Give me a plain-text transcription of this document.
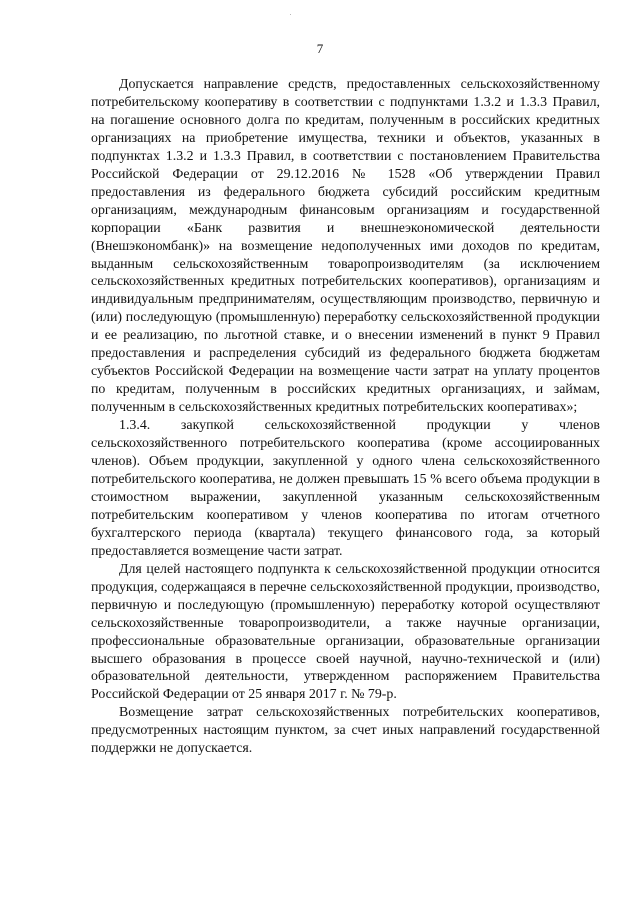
7

Допускается направление средств, предоставленных сельскохозяйственному потребительскому кооперативу в соответствии с подпунктами 1.3.2 и 1.3.3 Правил, на погашение основного долга по кредитам, полученным в российских кредитных организациях на приобретение имущества, техники и объектов, указанных в подпунктах 1.3.2 и 1.3.3 Правил, в соответствии с постановлением Правительства Российской Федерации от 29.12.2016 № 1528 «Об утверждении Правил предоставления из федерального бюджета субсидий российским кредитным организациям, международным финансовым организациям и государственной корпорации «Банк развития и внешнеэкономической деятельности (Внешэкономбанк)» на возмещение недополученных ими доходов по кредитам, выданным сельскохозяйственным товаропроизводителям (за исключением сельскохозяйственных кредитных потребительских кооперативов), организациям и индивидуальным предпринимателям, осуществляющим производство, первичную и (или) последующую (промышленную) переработку сельскохозяйственной продукции и ее реализацию, по льготной ставке, и о внесении изменений в пункт 9 Правил предоставления и распределения субсидий из федерального бюджета бюджетам субъектов Российской Федерации на возмещение части затрат на уплату процентов по кредитам, полученным в российских кредитных организациях, и займам, полученным в сельскохозяйственных кредитных потребительских кооперативах»;

1.3.4. закупкой сельскохозяйственной продукции у членов сельскохозяйственного потребительского кооператива (кроме ассоциированных членов). Объем продукции, закупленной у одного члена сельскохозяйственного потребительского кооператива, не должен превышать 15 % всего объема продукции в стоимостном выражении, закупленной указанным сельскохозяйственным потребительским кооперативом у членов кооператива по итогам отчетного бухгалтерского периода (квартала) текущего финансового года, за который предоставляется возмещение части затрат.

Для целей настоящего подпункта к сельскохозяйственной продукции относится продукция, содержащаяся в перечне сельскохозяйственной продукции, производство, первичную и последующую (промышленную) переработку которой осуществляют сельскохозяйственные товаропроизводители, а также научные организации, профессиональные образовательные организации, образовательные организации высшего образования в процессе своей научной, научно-технической и (или) образовательной деятельности, утвержденном распоряжением Правительства Российской Федерации от 25 января 2017 г. № 79-р.

Возмещение затрат сельскохозяйственных потребительских кооперативов, предусмотренных настоящим пунктом, за счет иных направлений государственной поддержки не допускается.
